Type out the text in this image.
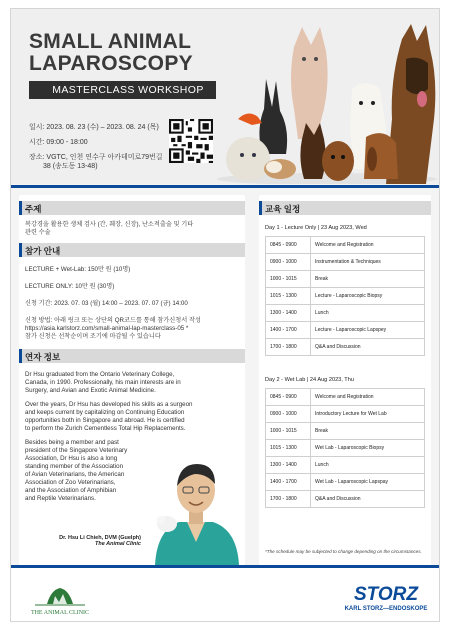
SMALL ANIMAL
LAPAROSCOPY
MASTERCLASS WORKSHOP
일시: 2023. 08. 23 (수) – 2023. 08. 24 (목)
시간: 09:00 - 18:00
장소: VGTC, 인천 연수구 아카데미로79번길
38 (송도동 13-48)
주제
복강경을 활용한 생체 검사 (간, 췌장, 신장), 난소적출술 및 기타
관련 수술
참가 안내
LECTURE + Wet-Lab: 150만 원 (10명)
LECTURE ONLY: 10만 원 (30명)
신청 기간: 2023. 07. 03 (월) 14:00 – 2023. 07. 07 (금) 14:00
신청 방법: 아래 링크 또는 상단의 QR코드를 통해 참가신청서 작성
https://asia.karlstorz.com/small-animal-lap-masterclass-05 *
참가 신청은 선착순이며 조기에 마감될 수 있습니다
연자 정보
Dr Hsu graduated from the Ontario Veterinary College,
Canada, in 1990. Professionally, his main interests are in
Surgery, and Avian and Exotic Animal Medicine.
Over the years, Dr Hsu has developed his skills as a surgeon
and keeps current by capitalizing on Continuing Education
opportunities both in Singapore and abroad. He is certified
to perform the Zurich Cementless Total Hip Replacements.
Besides being a member and past
president of the Singapore Veterinary
Association, Dr Hsu is also a long
standing member of the Association
of Avian Veterinarians, the American
Association of Zoo Veterinarians,
and the Association of Amphibian
and Reptile Veterinarians.
Dr. Hsu Li Chieh, DVM (Guelph)
The Animal Clinic
교육 일정
Day 1 - Lecture Only | 23 Aug 2023, Wed
0845 - 0900	Welcome and Registration
0900 - 1000	Instrumentation & Techniques
1000 - 1015	Break
1015 - 1300	Lecture - Laparoscopic Biopsy
1300 - 1400	Lunch
1400 - 1700	Lecture - Laparoscopic Lapspey
1700 - 1800	Q&A and Discussion
Day 2 - Wet Lab | 24 Aug 2023, Thu
0845 - 0900	Welcome and Registration
0900 - 1000	Introductory Lecture for Wet Lab
1000 - 1015	Break
1015 - 1300	Wet Lab - Laparoscopic Biopsy
1300 - 1400	Lunch
1400 - 1700	Wet Lab - Laparoscopic Lapspay
1700 - 1800	Q&A and Discussion
*The schedule may be subjected to change depending on the circumstances.
THE ANIMAL CLINIC
STORZ
KARL STORZ—ENDOSKOPE
